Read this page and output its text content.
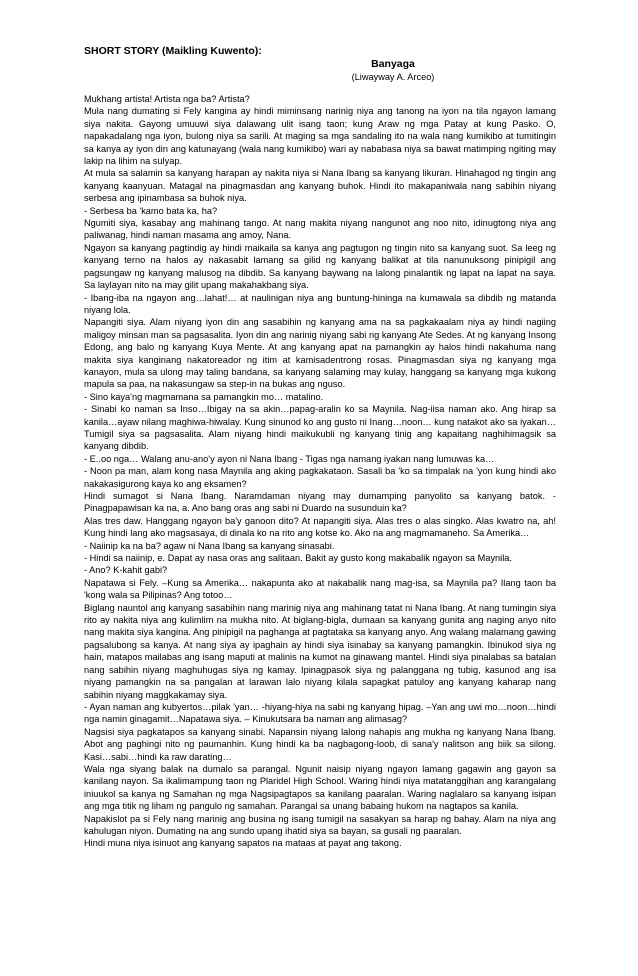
SHORT STORY (Maikling Kuwento):

Banyaga

(Liwayway A. Arceo)

Mukhang artista! Artista nga ba? Artista?

Mula nang dumating si Fely kangina ay hindi miminsang narinig niya ang tanong na iyon na tila ngayon lamang siya nakita. Gayong umuuwi siya dalawang ulit isang taon; kung Araw ng mga Patay at kung Pasko. O, napakadalang nga iyon, bulong niya sa sarili. At maging sa mga sandaling ito na wala nang kumikibo at tumitingin sa kanya ay iyon din ang katunayang (wala nang kumikibo) wari ay nababasa niya sa bawat matimping ngiting may lakip na lihim na sulyap.

At mula sa salamin sa kanyang harapan ay nakita niya si Nana Ibang sa kanyang likuran. Hinahagod ng tingin ang kanyang kaanyuan. Matagal na pinagmasdan ang kanyang buhok. Hindi ito makapaniwala nang sabihin niyang serbesa ang ipinambasa sa buhok niya.

- Serbesa ba 'kamo bata ka, ha?

Ngumiti siya, kasabay ang mahinang tango. At nang makita niyang nangunot ang noo nito, idinugtong niya ang paliwanag, hindi naman masama ang amoy, Nana.

Ngayon sa kanyang pagtindig ay hindi maikaila sa kanya ang pagtugon ng tingin nito sa kanyang suot. Sa leeg ng kanyang terno na halos ay nakasabit lamang sa gilid ng kanyang balikat at tila nanunuksong pinipigil ang pagsungaw ng kanyang malusog na dibdib. Sa kanyang baywang na lalong pinalantik ng lapat na lapat na saya. Sa laylayan nito na may gilit upang makahakbang siya.

- Ibang-iba na ngayon ang…lahat!… at naulinigan niya ang buntung-hiningа na kumawala sa dibdib ng matanda niyang lola.

Napangiti siya. Alam niyang iyon din ang sasabihin ng kanyang ama na sa pagkakaalam niya ay hindi nagiing maligoy minsan man sa pagsasalita. Iyon din ang narinig niyang sabi ng kanyang Ate Sedes. At ng kanyang Insong Edong, ang balo ng kanyang Kuya Mente. At ang kanyang apat na pamangkin ay halos hindi nakahuma nang makita siya kanginang nakatoreador ng itim at kamisadentrong rosas. Pinagmasdan siya ng kanyang mga kanayon, mula sa ulong may taling bandana, sa kanyang salaming may kulay, hanggang sa kanyang mga kukong mapula sa paa, na nakasungaw sa step-in na bukas ang nguso.

- Sino kaya'ng magmamana sa pamangkin mo… matalino.

- Sinabi ko naman sa Inso…Ibigay na sa akin…papag-aralin ko sa Maynila. Nag-iisa naman ako. Ang hirap sa kanila…ayaw nilang maghiwa-hiwalay. Kung sinunod ko ang gusto ni Inang…noon… kung natakot ako sa iyakan…Tumigil siya sa pagsasalita. Alam niyang hindi maikukubli ng kanyang tinig ang kapaitang naghihimagsik sa kanyang dibdib.

- E..oo nga… Walang anu-ano'y ayon ni Nana Ibang - Tigas nga namang iyakan nang lumuwas ka…

- Noon pa man, alam kong nasa Maynila ang aking pagkakataon. Sasali ba 'ko sa timpalak na 'yon kung hindi ako nakakasigurong kaya ko ang eksamen?

Hindi sumagot si Nana Ibang. Naramdaman niyang may dumamping panyolito sa kanyang batok. - Pinagpapawisan ka na, a. Ano bang oras ang sabi ni Duardo na susunduin ka?

Alas tres daw. Hanggang ngayon ba'y ganoon dito? At napangiti siya. Alas tres o alas singko. Alas kwatro na, ah! Kung hindi lang ako magsasaya, di dinala ko na rito ang kotse ko. Ako na ang magmamaneho. Sa Amerika…

- Naiinip ka na ba? agaw ni Nana Ibang sa kanyang sinasabi.

- Hindi sa naiinip, e. Dapat ay nasa oras ang salitaan. Bakit ay gusto kong makabalik ngayon sa Maynila.

- Ano? K-kahit gabi?

Napatawa si Fely. –Kung sa Amerika… nakapunta ako at nakabalik nang mag-isa, sa Maynila pa? Ilang taon ba 'kong wala sa Pilipinas? Ang totoo…

Biglang nauntol ang kanyang sasabihin nang marinig niya ang mahinang tatat ni Nana Ibang. At nang tumingin siya rito ay nakita niya ang kulimlim na mukha nito. At biglang-bigla, dumaan sa kanyang gunita ang naging anyo nito nang makita siya kangina. Ang pinipigil na paghanga at pagtataka sa kanyang anyo. Ang walang malamang gawing pagsalubong sa kanya. At nang siya ay ipaghain ay hindi siya isinabay sa kanyang pamangkin. Ibinukod siya ng hain, matapos mailabas ang isang maputi at malinis na kumot na ginawang mantel. Hindi siya pinalabas sa batalan nang sabihin niyang maghuhugas siya ng kamay. Ipinagpasok siya ng palanggana ng tubig, kasunod ang isa niyang pamangkin na sa pangalan at larawan lalo niyang kilala sapagkat patuloy ang kanyang kaharap nang sabihin niyang maggkakamay siya.

- Ayan naman ang kubyertos…pilak 'yan… -hiyang-hiya na sabi ng kanyang hipag. –Yan ang uwi mo…noon…hindi nga namin ginagamit…Napatawa siya. – Kinukutsara ba naman ang alimasag?

Nagsisi siya pagkatapos sa kanyang sinabi. Napansin niyang lalong nahapis ang mukha ng kanyang Nana Ibang. Abot ang paghingi nito ng paumanhin. Kung hindi ka ba nagbagong-loob, di sana'y nalitson ang biik sa silong. Kasi…sabi…hindi ka raw darating…

Wala nga siyang balak na dumalo sa parangal. Ngunit naisip niyang ngayon lamang gagawin ang gayon sa kanilang nayon. Sa ikalimampung taon ng Plaridel High School. Waring hindi niya matatanggihan ang karangalang iniuukol sa kanya ng Samahan ng mga Nagsipagtapos sa kanilang paaralan. Waring naglalaro sa kanyang isipan ang mga titik ng liham ng pangulo ng samahan. Parangal sa unang babaing hukom na nagtapos sa kanila.

Napakislot pa si Fely nang marinig ang businа ng isang tumigil na sasakyan sa harap ng bahay. Alam na niya ang kahulugan niyon. Dumating na ang sundo upang ihatid siya sa bayan, sa gusali ng paaralan.

Hindi muna niya isinuot ang kanyang sapatos na mataas at payat ang takong.
